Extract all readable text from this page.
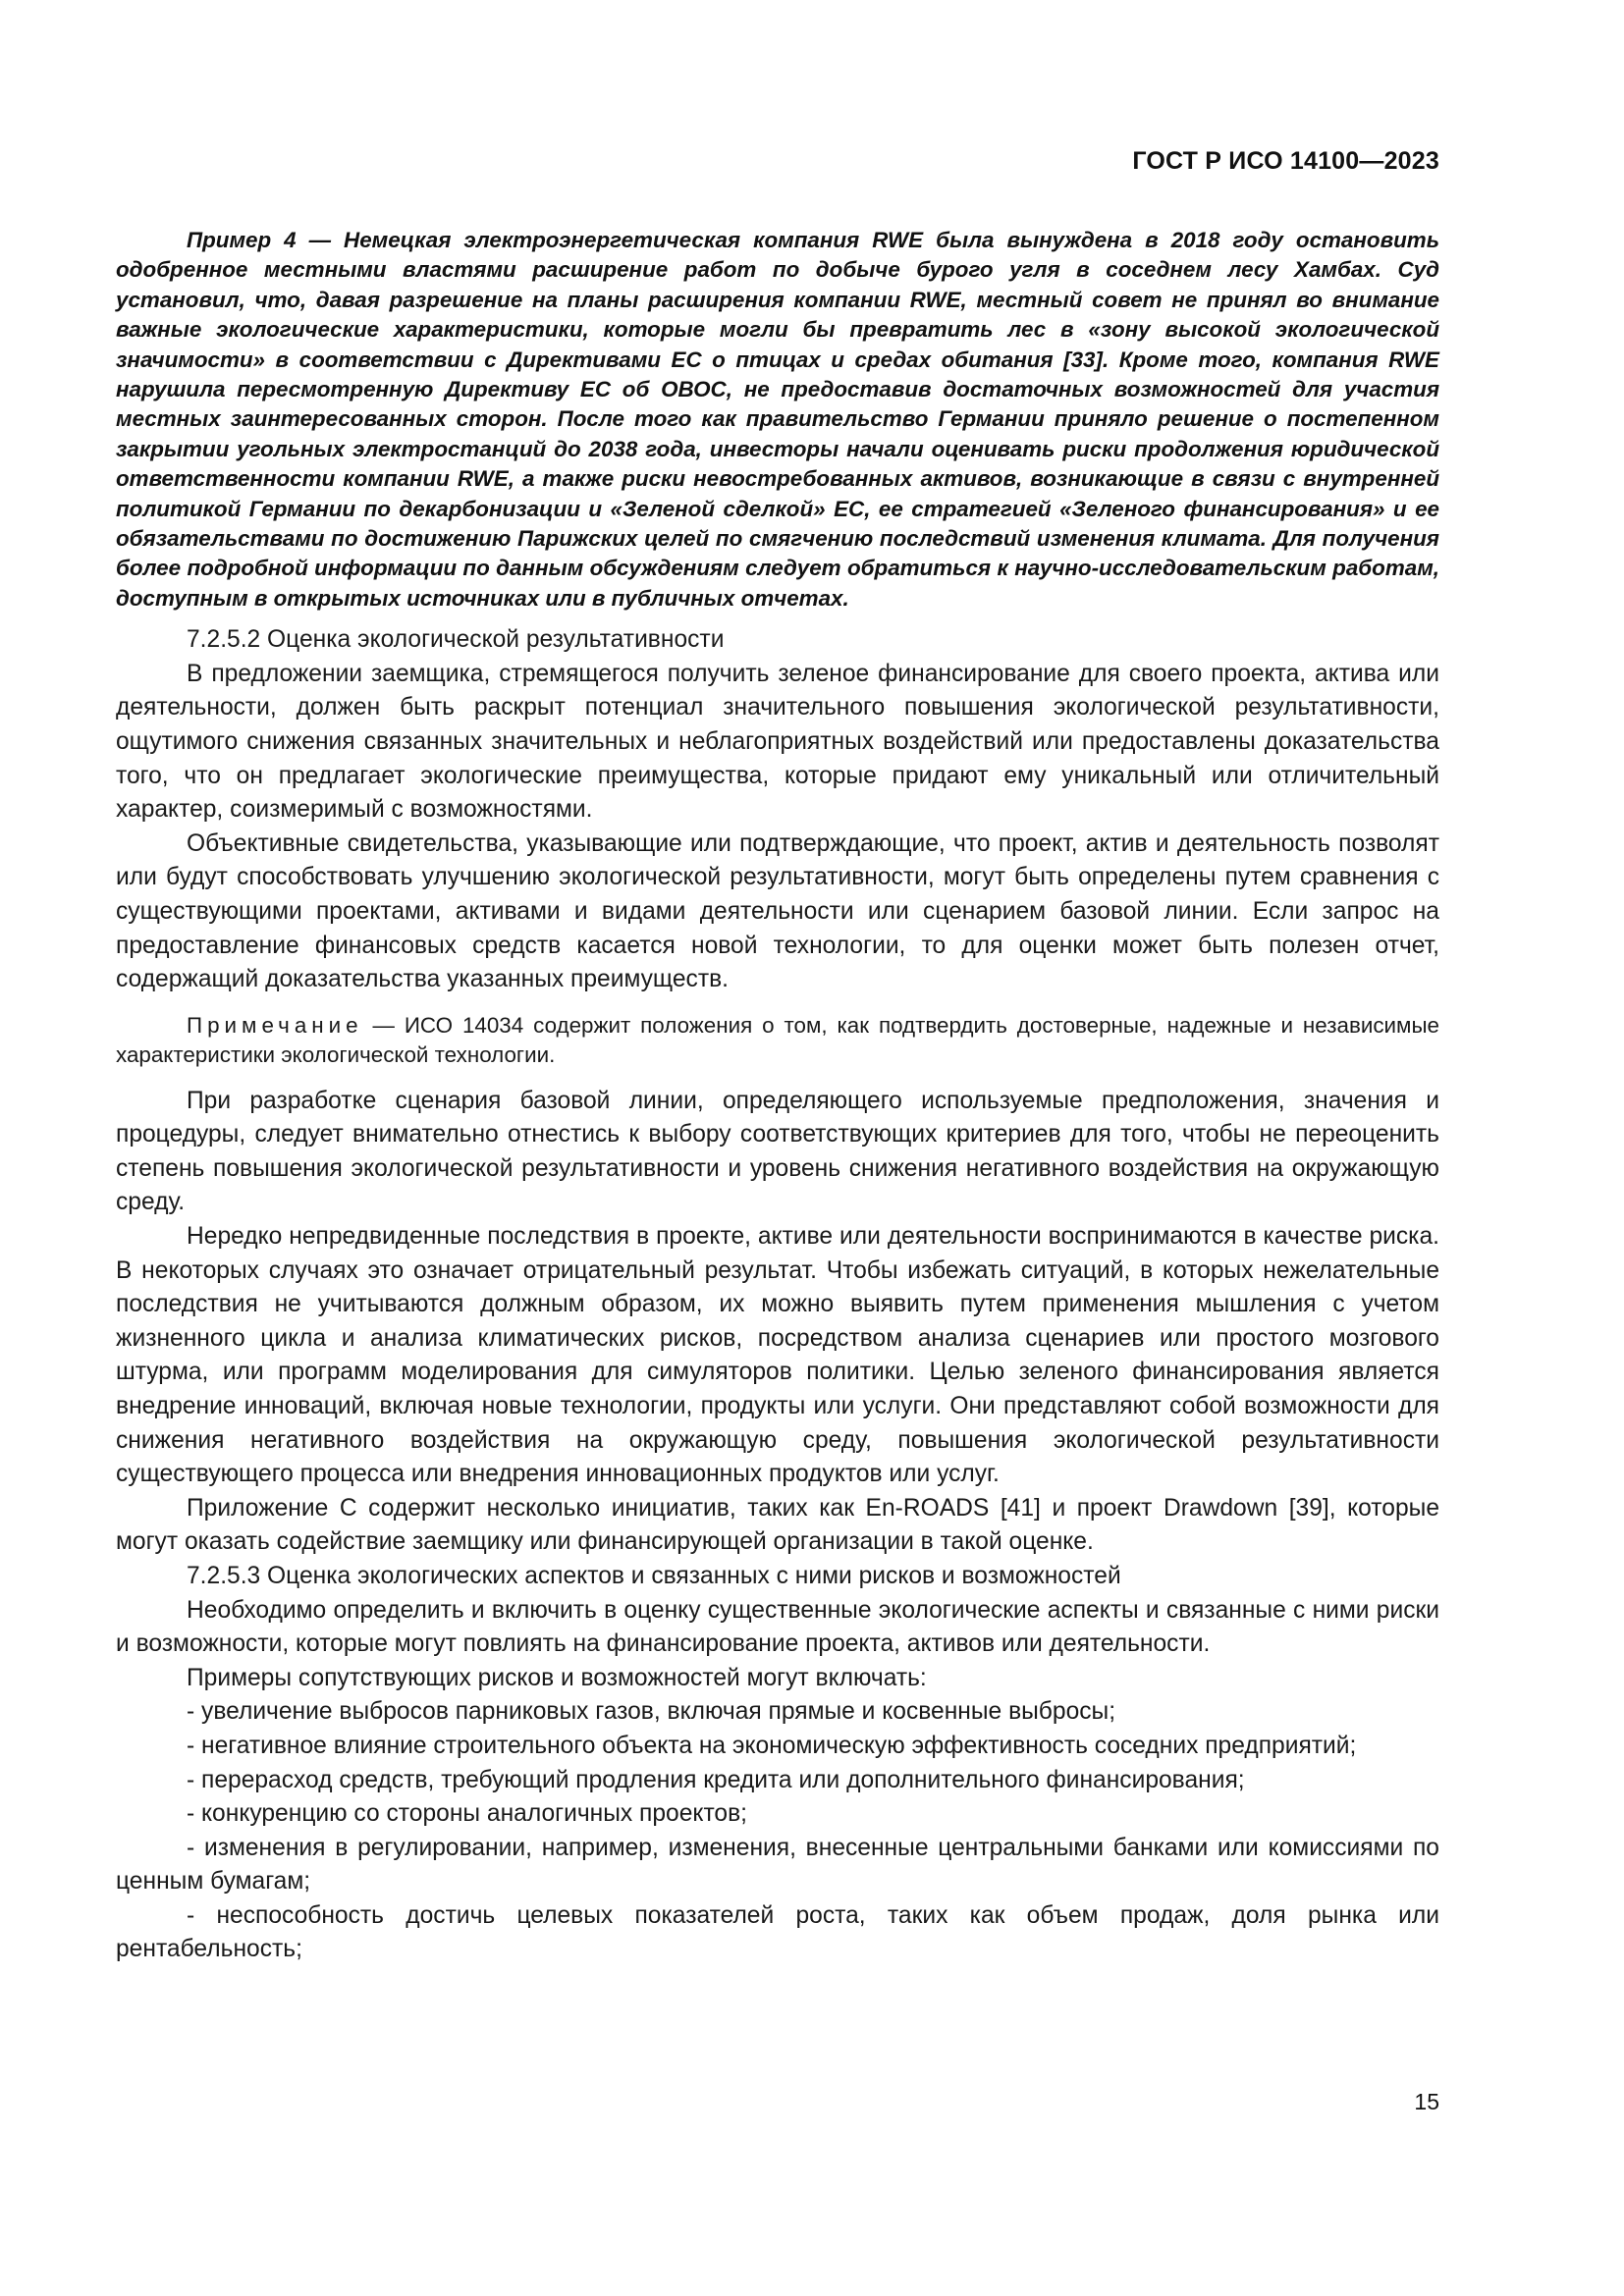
ГОСТ Р ИСО 14100—2023

Пример 4 — Немецкая электроэнергетическая компания RWE была вынуждена в 2018 году остановить одобренное местными властями расширение работ по добыче бурого угля в соседнем лесу Хамбах. Суд установил, что, давая разрешение на планы расширения компании RWE, местный совет не принял во внимание важные экологические характеристики, которые могли бы превратить лес в «зону высокой экологической значимости» в соответствии с Директивами ЕС о птицах и средах обитания [33]. Кроме того, компания RWE нарушила пересмотренную Директиву ЕС об ОВОС, не предоставив достаточных возможностей для участия местных заинтересованных сторон. После того как правительство Германии приняло решение о постепенном закрытии угольных электростанций до 2038 года, инвесторы начали оценивать риски продолжения юридической ответственности компании RWE, а также риски невостребованных активов, возникающие в связи с внутренней политикой Германии по декарбонизации и «Зеленой сделкой» ЕС, ее стратегией «Зеленого финансирования» и ее обязательствами по достижению Парижских целей по смягчению последствий изменения климата. Для получения более подробной информации по данным обсуждениям следует обратиться к научно-исследовательским работам, доступным в открытых источниках или в публичных отчетах.

7.2.5.2 Оценка экологической результативности

В предложении заемщика, стремящегося получить зеленое финансирование для своего проекта, актива или деятельности, должен быть раскрыт потенциал значительного повышения экологической результативности, ощутимого снижения связанных значительных и неблагоприятных воздействий или предоставлены доказательства того, что он предлагает экологические преимущества, которые придают ему уникальный или отличительный характер, соизмеримый с возможностями.

Объективные свидетельства, указывающие или подтверждающие, что проект, актив и деятельность позволят или будут способствовать улучшению экологической результативности, могут быть определены путем сравнения с существующими проектами, активами и видами деятельности или сценарием базовой линии. Если запрос на предоставление финансовых средств касается новой технологии, то для оценки может быть полезен отчет, содержащий доказательства указанных преимуществ.

Примечание — ИСО 14034 содержит положения о том, как подтвердить достоверные, надежные и независимые характеристики экологической технологии.

При разработке сценария базовой линии, определяющего используемые предположения, значения и процедуры, следует внимательно отнестись к выбору соответствующих критериев для того, чтобы не переоценить степень повышения экологической результативности и уровень снижения негативного воздействия на окружающую среду.

Нередко непредвиденные последствия в проекте, активе или деятельности воспринимаются в качестве риска. В некоторых случаях это означает отрицательный результат. Чтобы избежать ситуаций, в которых нежелательные последствия не учитываются должным образом, их можно выявить путем применения мышления с учетом жизненного цикла и анализа климатических рисков, посредством анализа сценариев или простого мозгового штурма, или программ моделирования для симуляторов политики. Целью зеленого финансирования является внедрение инноваций, включая новые технологии, продукты или услуги. Они представляют собой возможности для снижения негативного воздействия на окружающую среду, повышения экологической результативности существующего процесса или внедрения инновационных продуктов или услуг.

Приложение С содержит несколько инициатив, таких как En-ROADS [41] и проект Drawdown [39], которые могут оказать содействие заемщику или финансирующей организации в такой оценке.

7.2.5.3 Оценка экологических аспектов и связанных с ними рисков и возможностей

Необходимо определить и включить в оценку существенные экологические аспекты и связанные с ними риски и возможности, которые могут повлиять на финансирование проекта, активов или деятельности.

Примеры сопутствующих рисков и возможностей могут включать:

- увеличение выбросов парниковых газов, включая прямые и косвенные выбросы;
- негативное влияние строительного объекта на экономическую эффективность соседних предприятий;
- перерасход средств, требующий продления кредита или дополнительного финансирования;
- конкуренцию со стороны аналогичных проектов;
- изменения в регулировании, например, изменения, внесенные центральными банками или комиссиями по ценным бумагам;
- неспособность достичь целевых показателей роста, таких как объем продаж, доля рынка или рентабельность;
15
